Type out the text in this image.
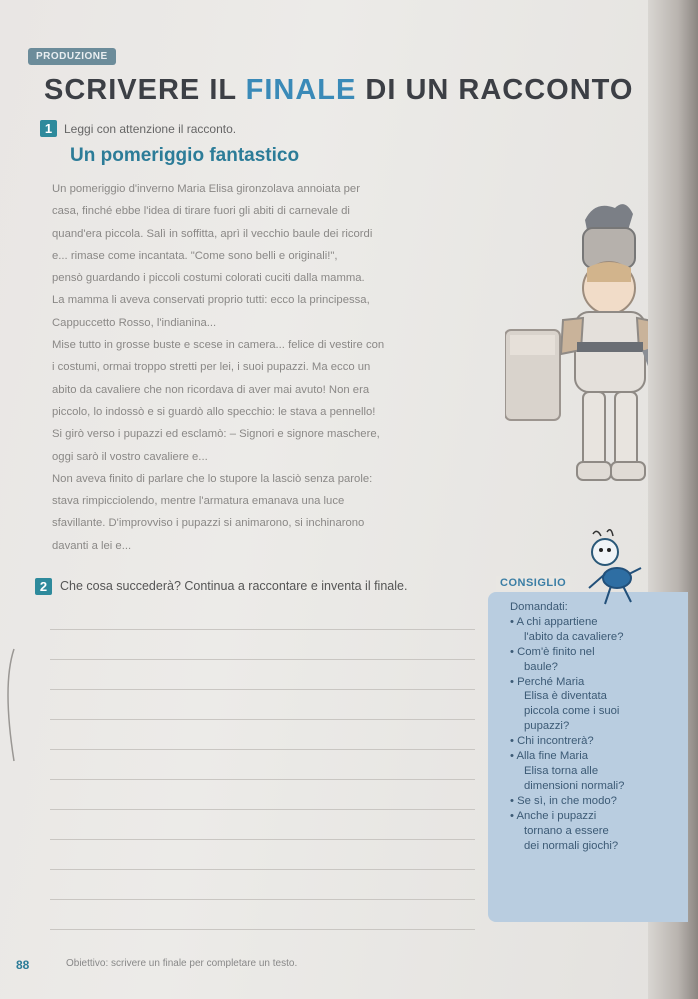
PRODUZIONE
SCRIVERE IL FINALE DI UN RACCONTO
1 Leggi con attenzione il racconto.
Un pomeriggio fantastico
Un pomeriggio d'inverno Maria Elisa gironzolava annoiata per
casa, finché ebbe l'idea di tirare fuori gli abiti di carnevale di
quand'era piccola. Salì in soffitta, aprì il vecchio baule dei ricordi
e... rimase come incantata. "Come sono belli e originali!",
pensò guardando i piccoli costumi colorati cuciti dalla mamma.
La mamma li aveva conservati proprio tutti: ecco la principessa,
Cappuccetto Rosso, l'indianina...
Mise tutto in grosse buste e scese in camera... felice di vestire con
i costumi, ormai troppo stretti per lei, i suoi pupazzi. Ma ecco un
abito da cavaliere che non ricordava di aver mai avuto! Non era
piccolo, lo indossò e si guardò allo specchio: le stava a pennello!
Si girò verso i pupazzi ed esclamò: – Signori e signore maschere,
oggi sarò il vostro cavaliere e...
Non aveva finito di parlare che lo stupore la lasciò senza parole:
stava rimpicciolendo, mentre l'armatura emanava una luce
sfavillante. D'improvviso i pupazzi si animarono, si inchinarono
davanti a lei e...
2	Che cosa succederà? Continua a raccontare e inventa il finale.
88	Obiettivo: scrivere un finale per completare un testo.
CONSIGLIO
Domandati:
• A chi appartiene
l'abito da cavaliere?
• Com'è finito nel
baule?
• Perché Maria
Elisa è diventata
piccola come i suoi
pupazzi?
• Chi incontrerà?
• Alla fine Maria
Elisa torna alle
dimensioni normali?
• Se sì, in che modo?
• Anche i pupazzi
tornano a essere
dei normali giochi?
